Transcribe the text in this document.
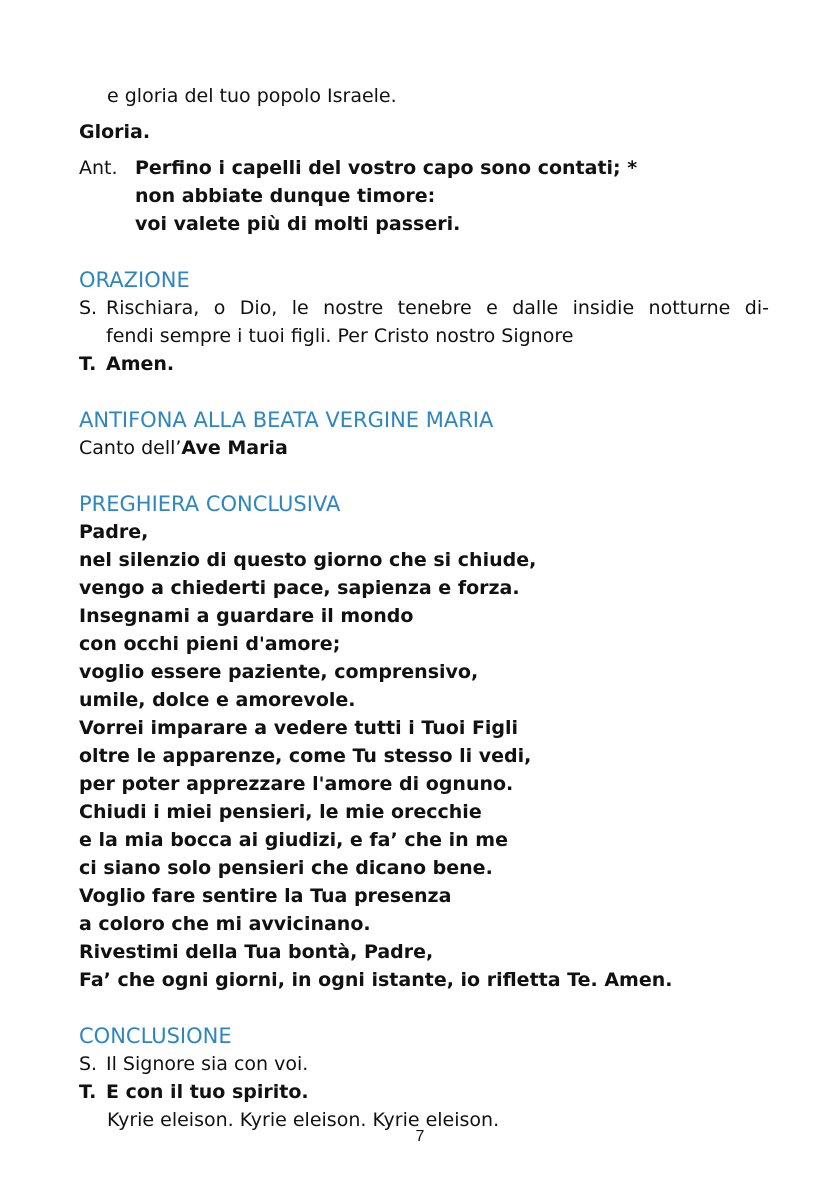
e gloria del tuo popolo Israele.

Gloria.

Ant. Perfino i capelli del vostro capo sono contati; *

non abbiate dunque timore:

voi valete più di molti passeri.

ORAZIONE
S. Rischiara, o Dio, le nostre tenebre e dalle insidie notturne di-

fendi sempre i tuoi figli. Per Cristo nostro Signore

T. Amen.
ANTIFONA ALLA BEATA VERGINE MARIA

Canto dell’Ave Maria

PREGHIERA CONCLUSIVA

Padre,

nel silenzio di questo giorno che si chiude,

vengo a chiederti pace, sapienza e forza.

Insegnami a guardare il mondo

con occhi pieni d'amore;

voglio essere paziente, comprensivo,

umile, dolce e amorevole.

Vorrei imparare a vedere tutti i Tuoi Figli

oltre le apparenze, come Tu stesso li vedi,

per poter apprezzare l'amore di ognuno.

Chiudi i miei pensieri, le mie orecchie

e la mia bocca ai giudizi, e fa’ che in me

ci siano solo pensieri che dicano bene.

Voglio fare sentire la Tua presenza

a coloro che mi avvicinano.

Rivestimi della Tua bontà, Padre,

Fa’ che ogni giorni, in ogni istante, io rifletta Te. Amen.

CONCLUSIONE
S. Il Signore sia con voi.
T. E con il tuo spirito.

Kyrie eleison. Kyrie eleison. Kyrie eleison.

7
